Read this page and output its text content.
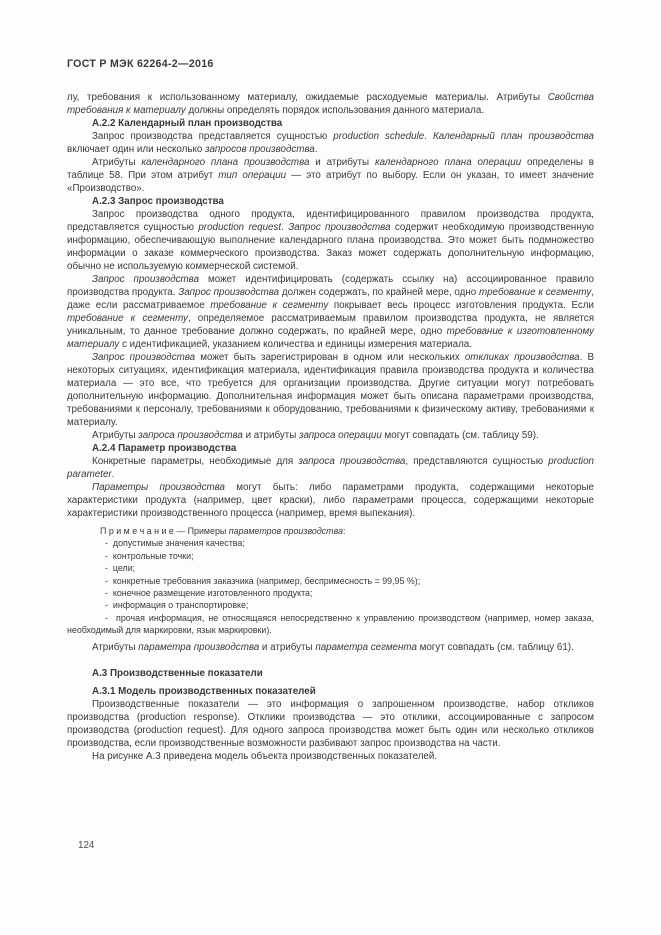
ГОСТ Р МЭК 62264-2—2016

лу, требования к использованному материалу, ожидаемые расходуемые материалы. Атрибуты Свойства требования к материалу должны определять порядок использования данного материала.

А.2.2 Календарный план производства

Запрос производства представляется сущностью production schedule. Календарный план производства включает один или несколько запросов производства.

Атрибуты календарного плана производства и атрибуты календарного плана операции определены в таблице 58. При этом атрибут тип операции — это атрибут по выбору. Если он указан, то имеет значение «Производство».

А.2.3 Запрос производства

Запрос производства одного продукта, идентифицированного правилом производства продукта, представляется сущностью production request. Запрос производства содержит необходимую производственную информацию, обеспечивающую выполнение календарного плана производства. Это может быть подмножество информации о заказе коммерческого производства. Заказ может содержать дополнительную информацию, обычно не используемую коммерческой системой.

Запрос производства может идентифицировать (содержать ссылку на) ассоциированное правило производства продукта. Запрос производства должен содержать, по крайней мере, одно требование к сегменту, даже если рассматриваемое требование к сегменту покрывает весь процесс изготовления продукта. Если требование к сегменту, определяемое рассматриваемым правилом производства продукта, не является уникальным, то данное требование должно содержать, по крайней мере, одно требование к изготовленному материалу с идентификацией, указанием количества и единицы измерения материала.

Запрос производства может быть зарегистрирован в одном или нескольких откликах производства. В некоторых ситуациях, идентификация материала, идентификация правила производства продукта и количества материала — это все, что требуется для организации производства. Другие ситуации могут потребовать дополнительную информацию. Дополнительная информация может быть описана параметрами производства, требованиями к персоналу, требованиями к оборудованию, требованиями к физическому активу, требованиями к материалу.

Атрибуты запроса производства и атрибуты запроса операции могут совпадать (см. таблицу 59).

А.2.4 Параметр производства

Конкретные параметры, необходимые для запроса производства, представляются сущностью production parameter.

Параметры производства могут быть: либо параметрами продукта, содержащими некоторые характеристики продукта (например, цвет краски), либо параметрами процесса, содержащими некоторые характеристики производственного процесса (например, время выпекания).

П р и м е ч а н и е — Примеры параметров производства:

-  допустимые значения качества;

-  контрольные точки;

-  цели;

-  конкретные требования заказчика (например, беспримесность = 99,95 %);

-  конечное размещение изготовленного продукта;

-  информация о транспортировке;

-  прочая информация, не относящаяся непосредственно к управлению производством (например, номер заказа, необходимый для маркировки, язык маркировки).

Атрибуты параметра производства и атрибуты параметра сегмента могут совпадать (см. таблицу 61).

А.3 Производственные показатели

А.3.1 Модель производственных показателей

Производственные показатели — это информация о запрошенном производстве, набор откликов производства (production response). Отклики производства — это отклики, ассоциированные с запросом производства (production request). Для одного запроса производства может быть один или несколько откликов производства, если производственные возможности разбивают запрос производства на части.

На рисунке А.3 приведена модель объекта производственных показателей.

124
